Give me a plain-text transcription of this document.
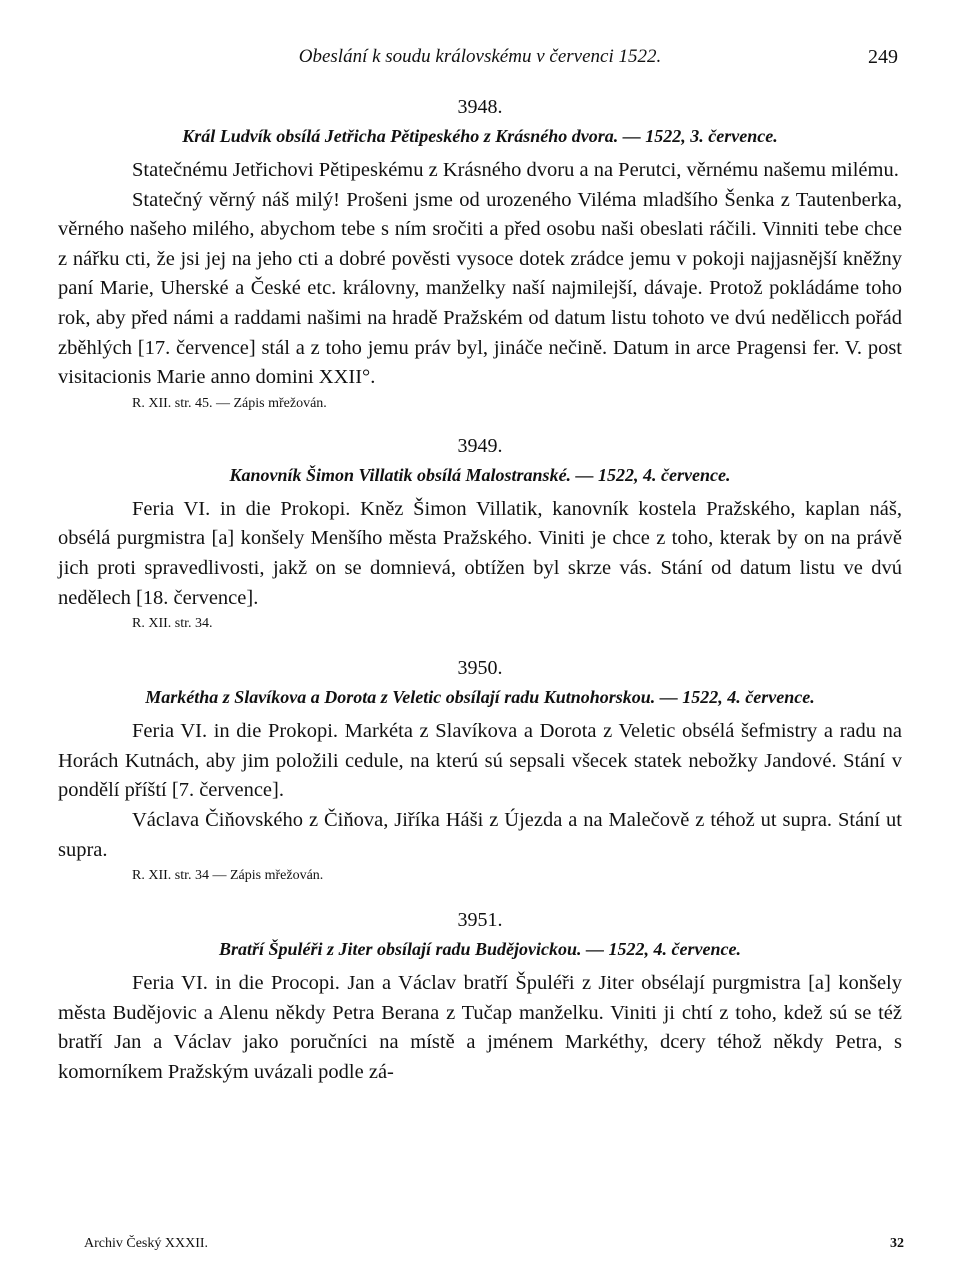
Obeslání k soudu královskému v červenci 1522.	249
3948.
Král Ludvík obsílá Jetřicha Pětipeského z Krásného dvora. — 1522, 3. července.

Statečnému Jetřichovi Pětipeskému z Krásného dvoru a na Perutci, věrnému našemu milému.

Statečný věrný náš milý! Prošeni jsme od urozeného Viléma mladšího Šenka z Tautenberka, věrného našeho milého, abychom tebe s ním sročiti a před osobu naši obeslati ráčili. Vinniti tebe chce z nářku cti, že jsi jej na jeho cti a dobré pověsti vysoce dotek zrádce jemu v pokoji najjasnější kněžny paní Marie, Uherské a České etc. královny, manželky naší najmilejší, dávaje. Protož pokládáme toho rok, aby před námi a raddami našimi na hradě Pražském od datum listu tohoto ve dvú nedělicch pořád zběhlých [17. července] stál a z toho jemu práv byl, jináče nečině. Datum in arce Pragensi fer. V. post visitacionis Marie anno domini XXII°.

R. XII. str. 45. — Zápis mřežován.
3949.
Kanovník Šimon Villatik obsílá Malostranské. — 1522, 4. července.

Feria VI. in die Prokopi. Kněz Šimon Villatik, kanovník kostela Pražského, kaplan náš, obsélá purgmistra [a] konšely Menšího města Pražského. Viniti je chce z toho, kterak by on na právě jich proti spravedlivosti, jakž on se domnievá, obtížen byl skrze vás. Stání od datum listu ve dvú nedělech [18. července].

R. XII. str. 34.
3950.
Markétha z Slavíkova a Dorota z Veletic obsílají radu Kutnohorskou. — 1522, 4. července.

Feria VI. in die Prokopi. Markéta z Slavíkova a Dorota z Veletic obsélá šefmistry a radu na Horách Kutnách, aby jim položili cedule, na kterú sú sepsali všecek statek nebožky Jandové. Stání v pondělí příští [7. července].

Václava Čiňovského z Čiňova, Jiříka Háši z Újezda a na Malečově z téhož ut supra. Stání ut supra.

R. XII. str. 34 — Zápis mřežován.
3951.
Bratří Špuléři z Jiter obsílají radu Budějovickou. — 1522, 4. července.

Feria VI. in die Procopi. Jan a Václav bratří Špuléři z Jiter obsélají purgmistra [a] konšely města Budějovic a Alenu někdy Petra Berana z Tučap manželku. Viniti ji chtí z toho, kdež sú se též bratří Jan a Václav jako poručníci na místě a jménem Markéthy, dcery téhož někdy Petra, s komorníkem Pražským uvázali podle zá-

Archiv Český XXXII.	32
